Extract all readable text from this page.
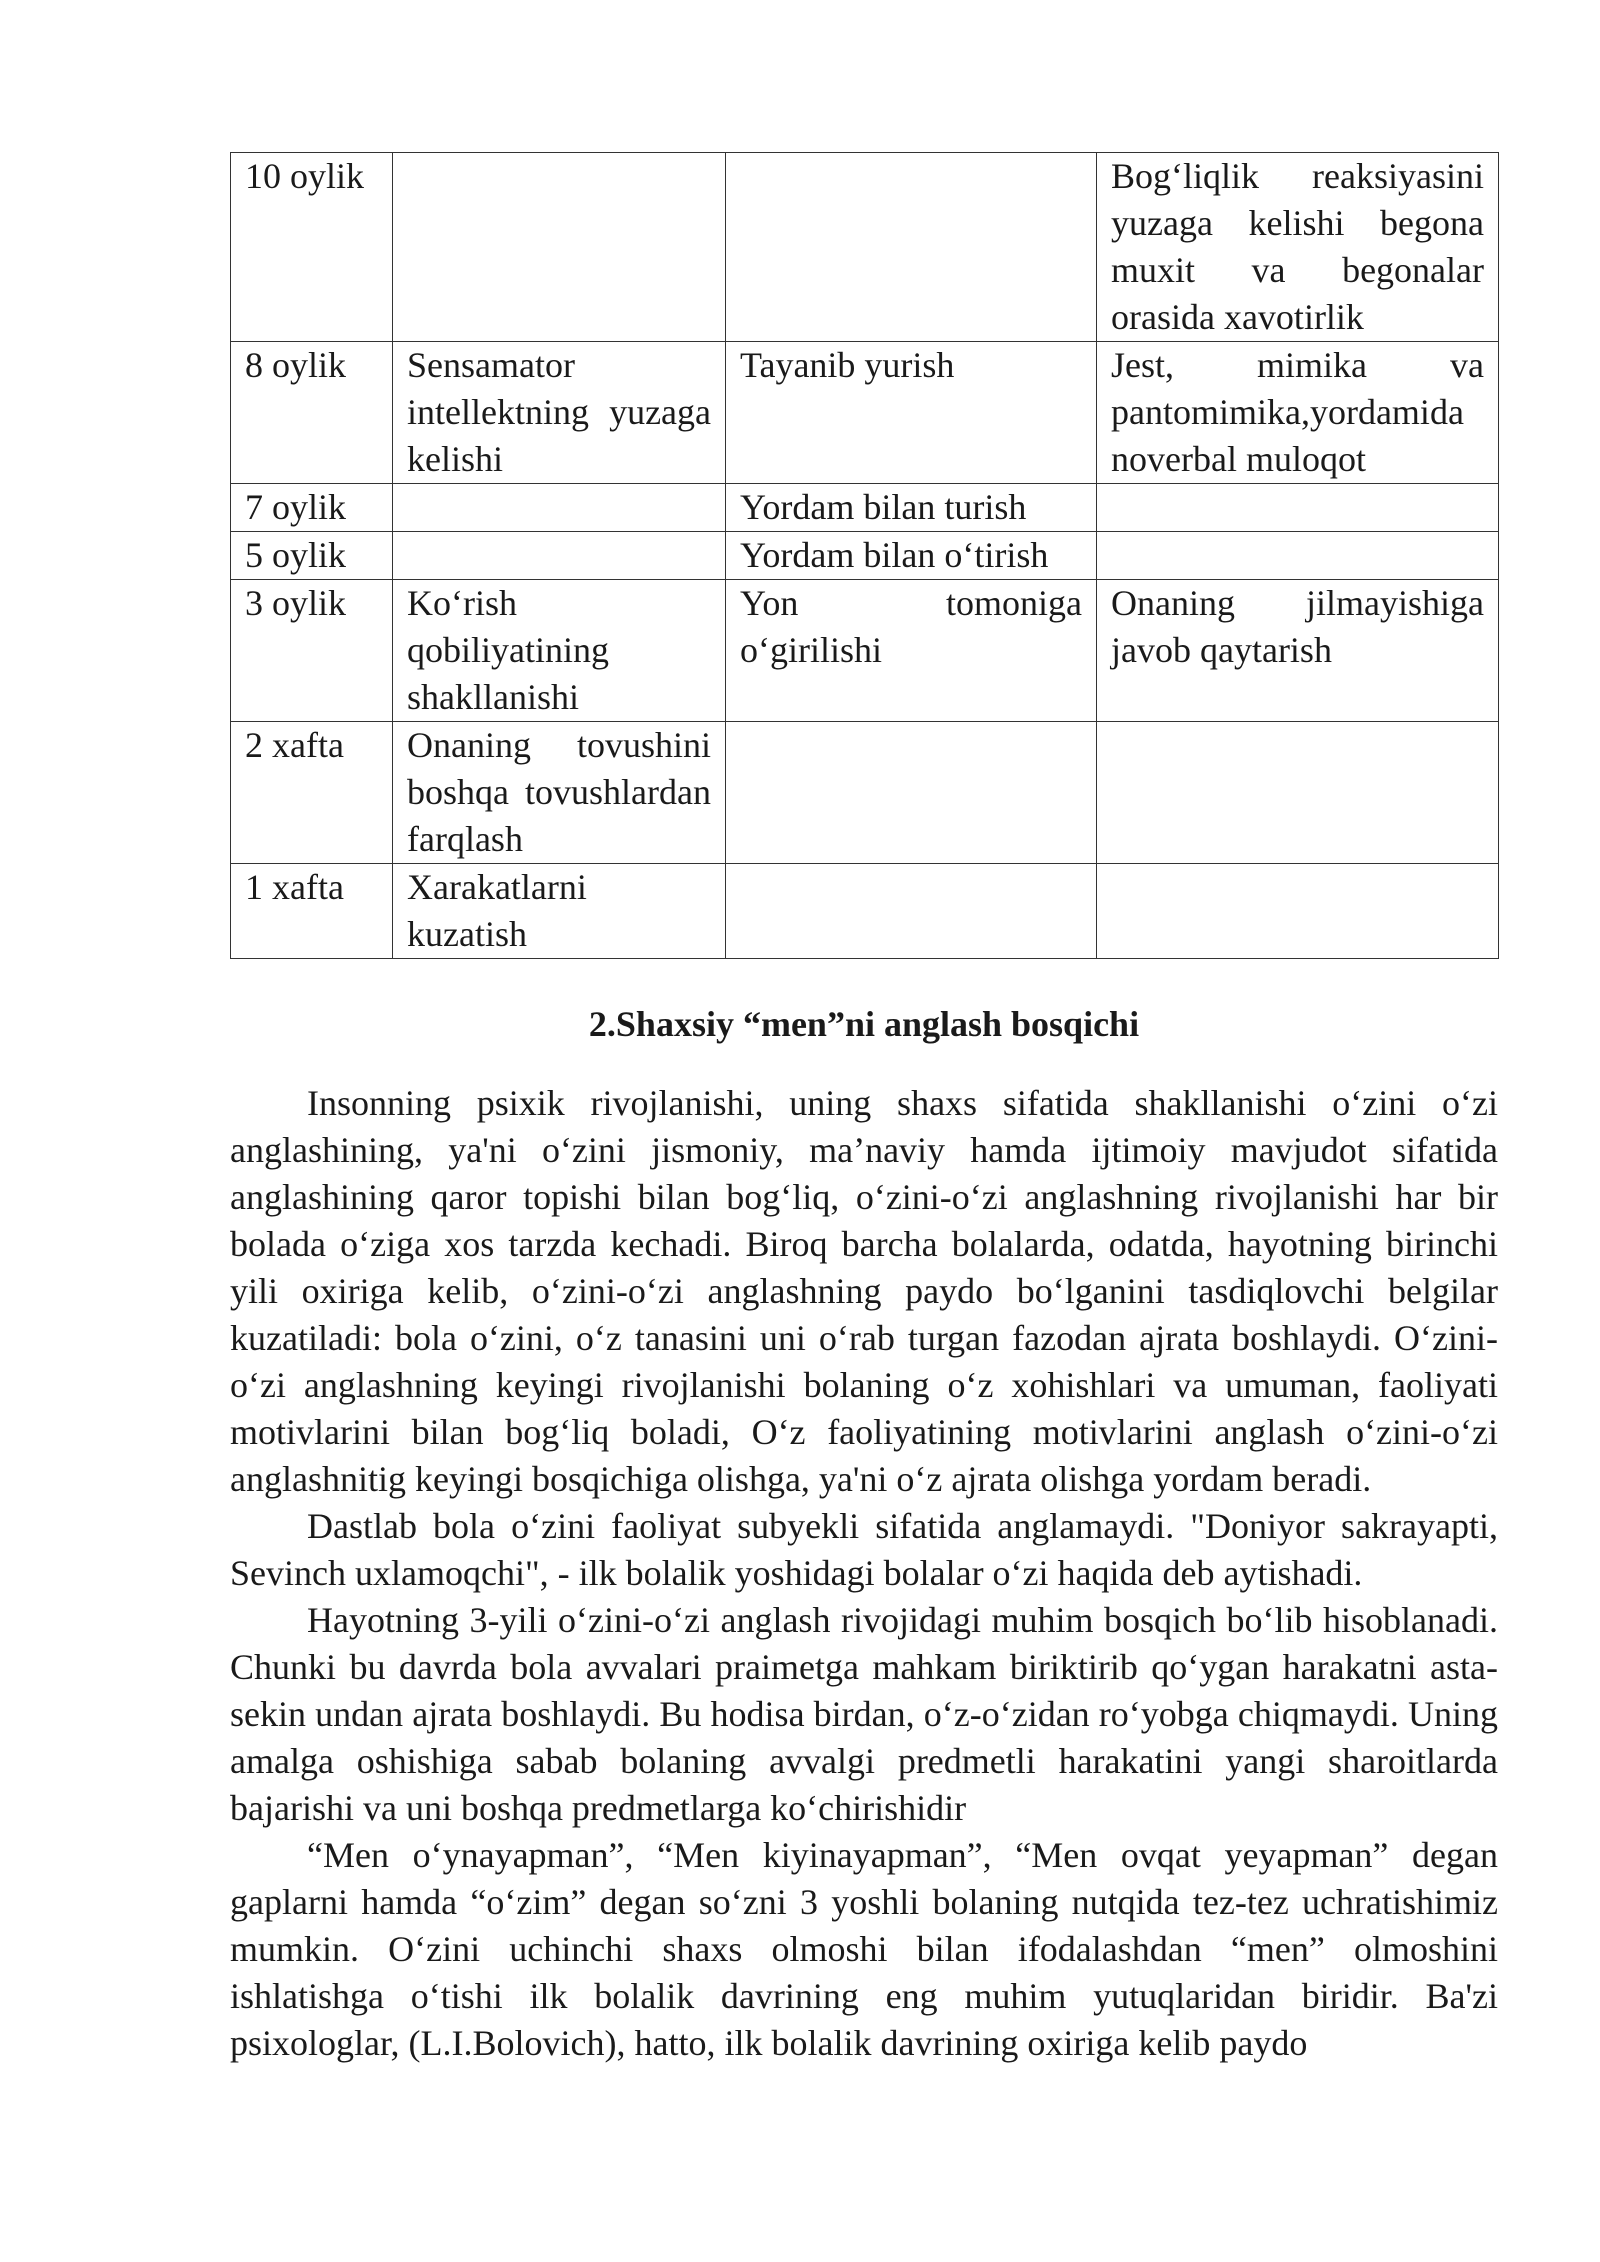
10 oylik			Bog‘liqlik reaksiyasini yuzaga kelishi begona muxit va begonalar orasida xavotirlik
8 oylik	Sensamator intellektning yuzaga kelishi	Tayanib yurish	Jest, mimika va pantomimika,yordamida noverbal muloqot
7 oylik		Yordam bilan turish	
5 oylik		Yordam bilan o‘tirish	
3 oylik	Ko‘rish qobiliyatining shakllanishi	Yon tomoniga o‘girilishi	Onaning jilmayishiga javob qaytarish
2 xafta	Onaning tovushini boshqa tovushlardan farqlash		
1 xafta	Xarakatlarni kuzatish		
2.Shaxsiy “men”ni anglash bosqichi

Insonning psixik rivojlanishi, uning shaxs sifatida shakllanishi o‘zini o‘zi anglashining, ya'ni o‘zini jismoniy, ma’naviy hamda ijtimoiy mavjudot sifatida anglashining qaror topishi bilan bog‘liq, o‘zini-o‘zi anglashning rivojlanishi har bir bolada o‘ziga xos tarzda kechadi. Biroq barcha bolalarda, odatda, hayotning birinchi yili oxiriga kelib, o‘zini-o‘zi anglashning paydo bo‘lganini tasdiqlovchi belgilar kuzatiladi: bola o‘zini, o‘z tanasini uni o‘rab turgan fazodan ajrata boshlaydi. O‘zini-o‘zi anglashning keyingi rivojlanishi bolaning o‘z xohishlari va umuman, faoliyati motivlarini bilan bog‘liq boladi, O‘z faoliyatining motivlarini anglash o‘zini-o‘zi anglashnitig keyingi bosqichiga olishga, ya'ni o‘z ajrata olishga yordam beradi.

Dastlab bola o‘zini faoliyat subyekli sifatida anglamaydi. "Doniyor sakrayapti, Sevinch uxlamoqchi", - ilk bolalik yoshidagi bolalar o‘zi haqida deb aytishadi.

Hayotning 3-yili o‘zini-o‘zi anglash rivojidagi muhim bosqich bo‘lib hisoblanadi. Chunki bu davrda bola avvalari praimetga mahkam biriktirib qo‘ygan harakatni asta-sekin undan ajrata boshlaydi. Bu hodisa birdan, o‘z-o‘zidan ro‘yobga chiqmaydi. Uning amalga oshishiga sabab bolaning avvalgi predmetli harakatini yangi sharoitlarda bajarishi va uni boshqa predmetlarga ko‘chirishidir

“Men o‘ynayapman”, “Men kiyinayapman”, “Men ovqat yeyapman” degan gaplarni hamda “o‘zim” degan so‘zni 3 yoshli bolaning nutqida tez-tez uchratishimiz mumkin. O‘zini uchinchi shaxs olmoshi bilan ifodalashdan “men” olmoshini ishlatishga o‘tishi ilk bolalik davrining eng muhim yutuqlaridan biridir. Ba'zi psixologlar, (L.I.Bolovich), hatto, ilk bolalik davrining oxiriga kelib paydo
